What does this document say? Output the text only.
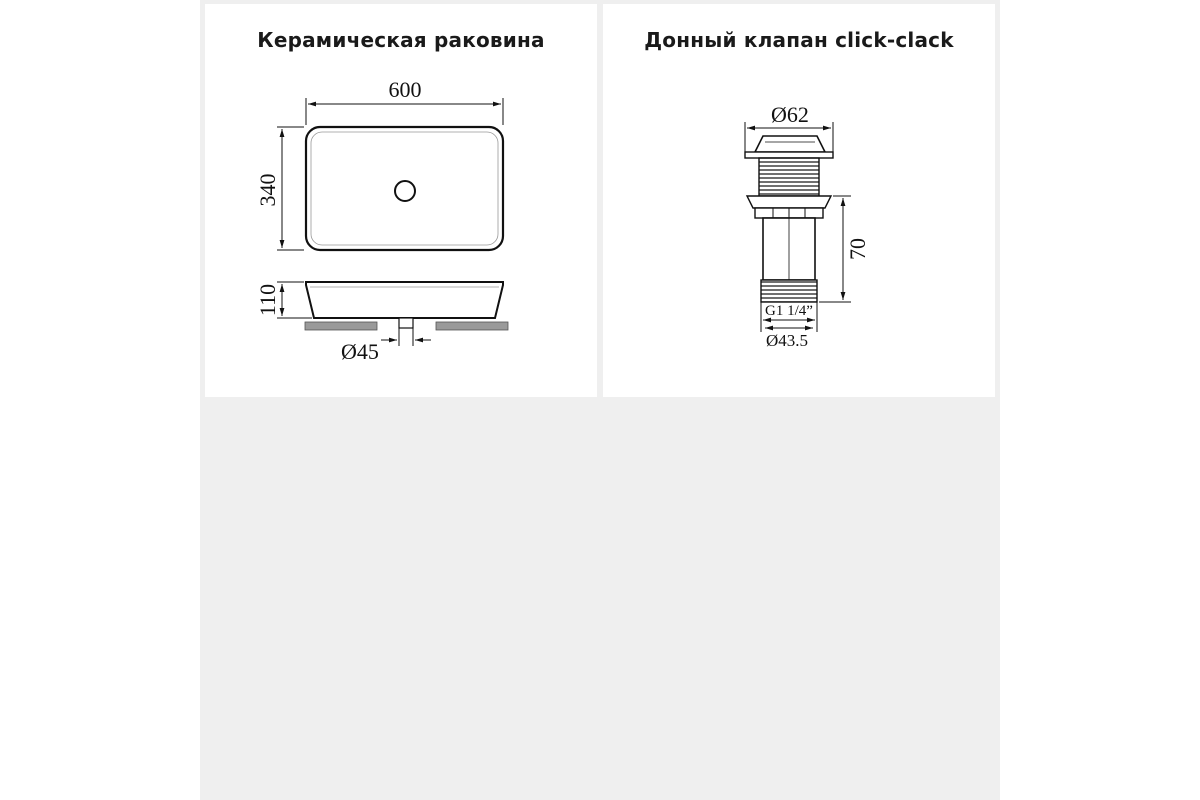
Керамическая раковина
600
340
110
Ø45
Донный клапан click-clack
Ø62
70
G1 1/4”
Ø43.5
